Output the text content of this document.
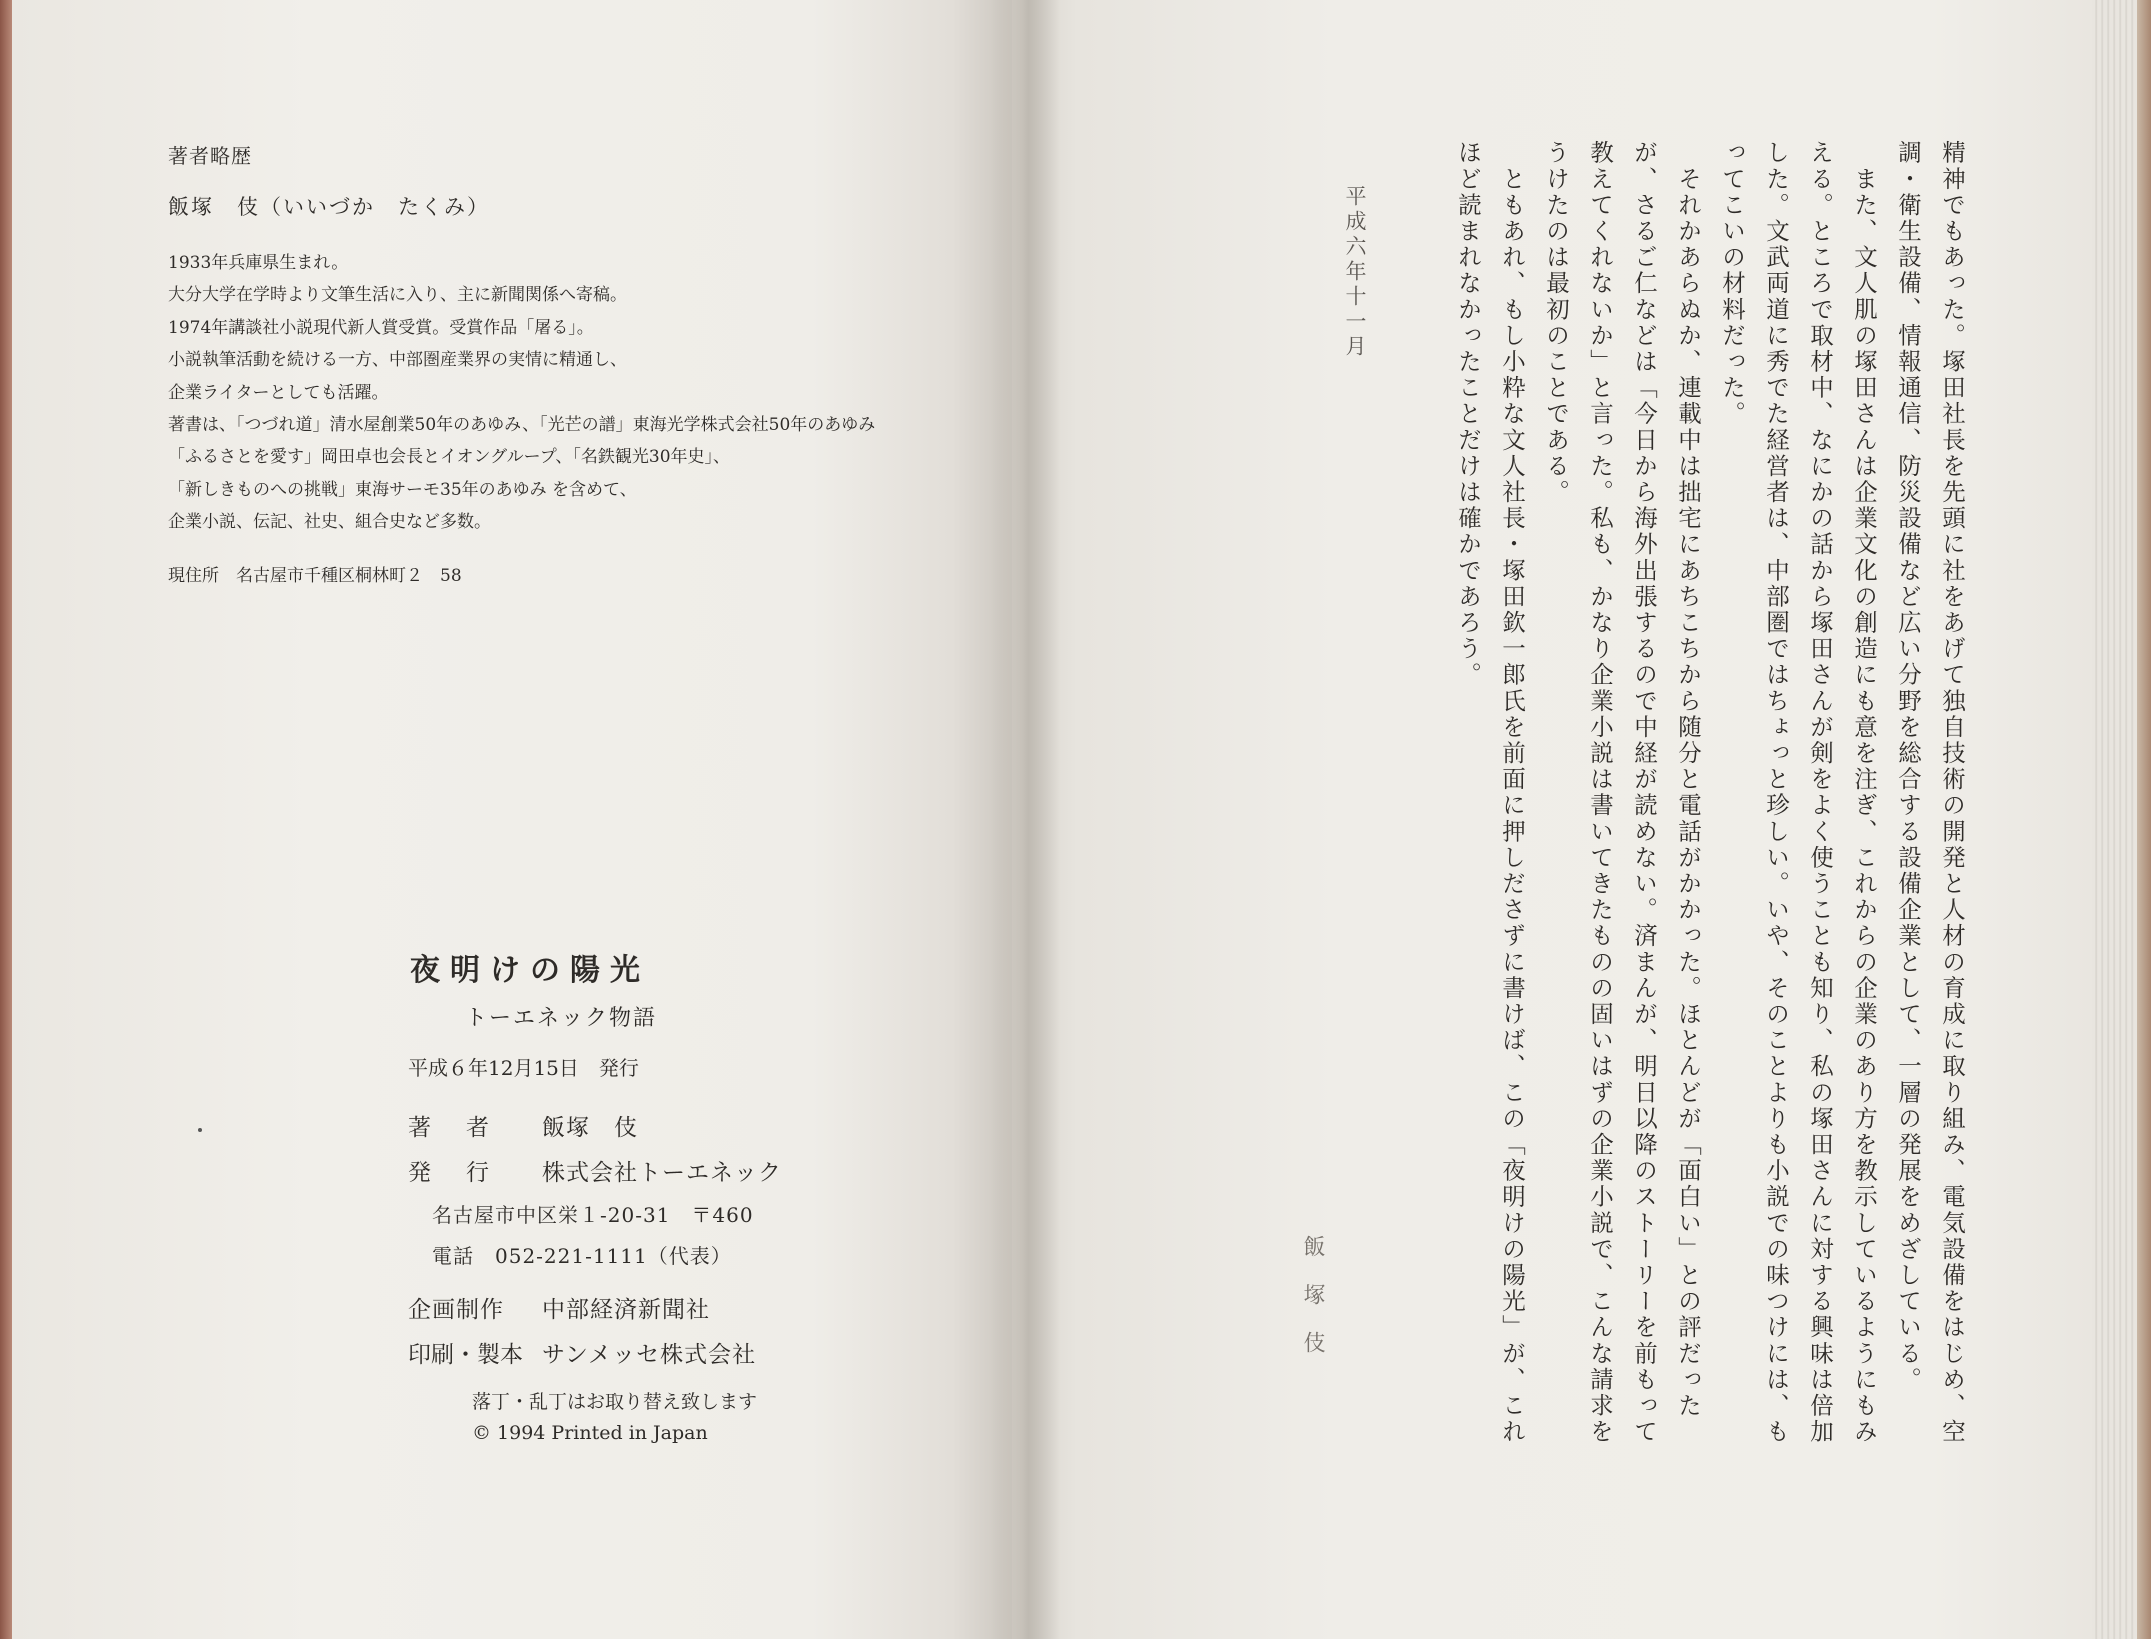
著者略歴
飯塚　伎（いいづか　たくみ）
1933年兵庫県生まれ。
大分大学在学時より文筆生活に入り、主に新聞関係へ寄稿。
1974年講談社小説現代新人賞受賞。受賞作品「屠る」。
小説執筆活動を続ける一方、中部圏産業界の実情に精通し、
企業ライターとしても活躍。
著書は、「つづれ道」清水屋創業50年のあゆみ、「光芒の譜」東海光学株式会社50年のあゆみ
「ふるさとを愛す」岡田卓也会長とイオングループ、「名鉄観光30年史」、
「新しきものへの挑戦」東海サーモ35年のあゆみ を含めて、
企業小説、伝記、社史、組合史など多数。
現住所　名古屋市千種区桐林町２　58
夜明けの陽光
トーエネック物語
平成６年12月15日　発行
著　者 飯塚　伎
発　行 株式会社トーエネック
名古屋市中区栄１-20-31　〒460
電話　052-221-1111（代表）
企画制作 中部経済新聞社
印刷・製本 サンメッセ株式会社
落丁・乱丁はお取り替え致します
© 1994 Printed in Japan	精神でもあった。塚田社長を先頭に社をあげて独自技術の開発と人材の育成に取り組み、電気設備をはじめ、空調・衛生設備、情報通信、防災設備など広い分野を総合する設備企業として、一層の発展をめざしている。

　また、文人肌の塚田さんは企業文化の創造にも意を注ぎ、これからの企業のあり方を教示しているようにもみえる。ところで取材中、なにかの話から塚田さんが剣をよく使うことも知り、私の塚田さんに対する興味は倍加した。文武両道に秀でた経営者は、中部圏ではちょっと珍しい。いや、そのことよりも小説での味つけには、もってこいの材料だった。

　それかあらぬか、連載中は拙宅にあちこちから随分と電話がかかった。ほとんどが「面白い」との評だったが、さるご仁などは「今日から海外出張するので中経が読めない。済まんが、明日以降のストーリーを前もって教えてくれないか」と言った。私も、かなり企業小説は書いてきたものの固いはずの企業小説で、こんな請求をうけたのは最初のことである。

　ともあれ、もし小粋な文人社長・塚田欽一郎氏を前面に押しださずに書けば、この「夜明けの陽光」が、これほど読まれなかったことだけは確かであろう。

平成六年十一月
飯塚伎
